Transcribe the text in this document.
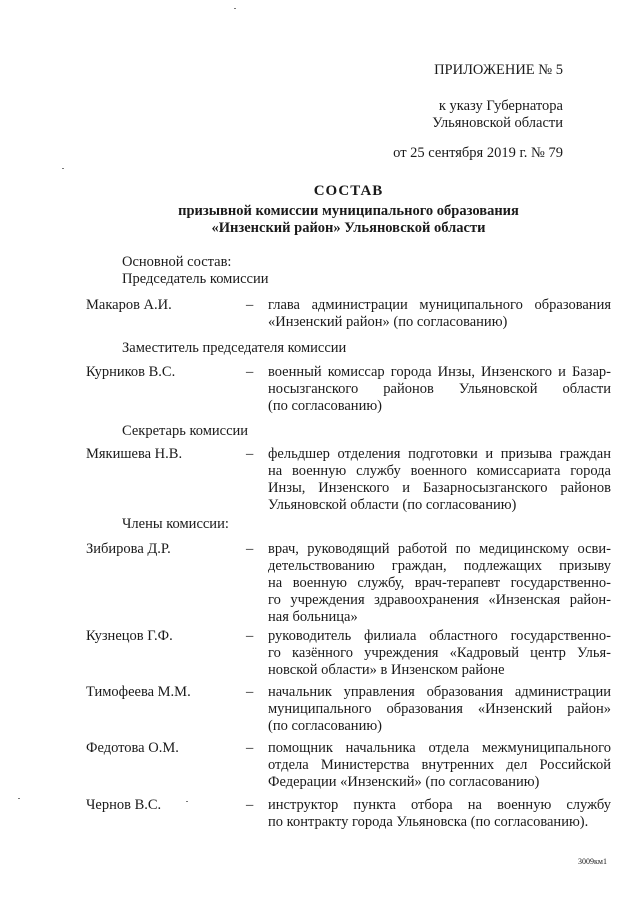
ПРИЛОЖЕНИЕ № 5
к указу Губернатора
Ульяновской области
от 25 сентября 2019 г. № 79
СОСТАВ
призывной комиссии муниципального образования
«Инзенский район» Ульяновской области
Основной состав:
Председатель комиссии
Макаров А.И.	– глава администрации муниципального образования
«Инзенский район» (по согласованию)
Заместитель председателя комиссии
Курников В.С.	– военный комиссар города Инзы, Инзенского и Базар-
носызганского районов Ульяновской области
(по согласованию)
Секретарь комиссии
Мякишева Н.В.	– фельдшер отделения подготовки и призыва граждан
на военную службу военного комиссариата города
Инзы, Инзенского и Базарносызганского районов
Ульяновской области (по согласованию)
Члены комиссии:
Зибирова Д.Р.	– врач, руководящий работой по медицинскому осви-
детельствованию граждан, подлежащих призыву
на военную службу, врач-терапевт государственно-
го учреждения здравоохранения «Инзенская район-
ная больница»
Кузнецов Г.Ф.	– руководитель филиала областного государственно-
го казённого учреждения «Кадровый центр Улья-
новской области» в Инзенском районе
Тимофеева М.М.	– начальник управления образования администрации
муниципального образования «Инзенский район»
(по согласованию)
Федотова О.М.	– помощник начальника отдела межмуниципального
отдела Министерства внутренних дел Российской
Федерации «Инзенский» (по согласованию)
Чернов В.С.	– инструктор пункта отбора на военную службу
по контракту города Ульяновска (по согласованию).
3009км1
